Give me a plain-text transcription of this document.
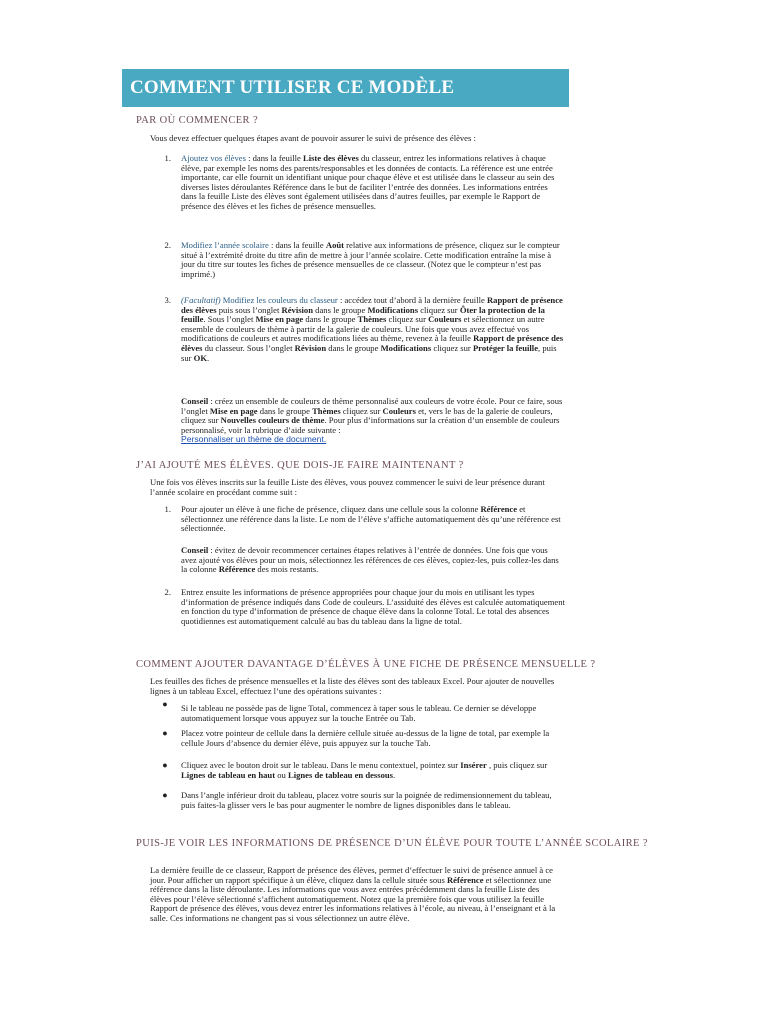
COMMENT UTILISER CE MODÈLE
PAR OÙ COMMENCER ?
Vous devez effectuer quelques étapes avant de pouvoir assurer le suivi de présence des élèves :
1. Ajoutez vos élèves : dans la feuille Liste des élèves du classeur, entrez les informations relatives à chaque élève, par exemple les noms des parents/responsables et les données de contacts. La référence est une entrée importante, car elle fournit un identifiant unique pour chaque élève et est utilisée dans le classeur au sein des diverses listes déroulantes Référence dans le but de faciliter l’entrée des données. Les informations entrées dans la feuille Liste des élèves sont également utilisées dans d’autres feuilles, par exemple le Rapport de présence des élèves et les fiches de présence mensuelles.
2. Modifiez l’année scolaire : dans la feuille Août relative aux informations de présence, cliquez sur le compteur situé à l’extrémité droite du titre afin de mettre à jour l’année scolaire. Cette modification entraîne la mise à jour du titre sur toutes les fiches de présence mensuelles de ce classeur. (Notez que le compteur n’est pas imprimé.)
3. (Facultatif) Modifiez les couleurs du classeur : accédez tout d’abord à la dernière feuille Rapport de présence des élèves puis sous l’onglet Révision dans le groupe Modifications cliquez sur Ôter la protection de la feuille. Sous l’onglet Mise en page dans le groupe Thèmes cliquez sur Couleurs et sélectionnez un autre ensemble de couleurs de thème à partir de la galerie de couleurs. Une fois que vous avez effectué vos modifications de couleurs et autres modifications liées au thème, revenez à la feuille Rapport de présence des élèves du classeur. Sous l’onglet Révision dans le groupe Modifications cliquez sur Protéger la feuille, puis sur OK.
Conseil : créez un ensemble de couleurs de thème personnalisé aux couleurs de votre école. Pour ce faire, sous l’onglet Mise en page dans le groupe Thèmes cliquez sur Couleurs et, vers le bas de la galerie de couleurs, cliquez sur Nouvelles couleurs de thème. Pour plus d’informations sur la création d’un ensemble de couleurs personnalisé, voir la rubrique d’aide suivante :
Personnaliser un thème de document.
J’AI AJOUTÉ MES ÉLÈVES. QUE DOIS-JE FAIRE MAINTENANT ?
Une fois vos élèves inscrits sur la feuille Liste des élèves, vous pouvez commencer le suivi de leur présence durant l’année scolaire en procédant comme suit :
1. Pour ajouter un élève à une fiche de présence, cliquez dans une cellule sous la colonne Référence et sélectionnez une référence dans la liste. Le nom de l’élève s’affiche automatiquement dès qu’une référence est sélectionnée.
Conseil : évitez de devoir recommencer certaines étapes relatives à l’entrée de données. Une fois que vous avez ajouté vos élèves pour un mois, sélectionnez les références de ces élèves, copiez-les, puis collez-les dans la colonne Référence des mois restants.
2. Entrez ensuite les informations de présence appropriées pour chaque jour du mois en utilisant les types d’information de présence indiqués dans Code de couleurs. L’assiduité des élèves est calculée automatiquement en fonction du type d’information de présence de chaque élève dans la colonne Total. Le total des absences quotidiennes est automatiquement calculé au bas du tableau dans la ligne de total.
COMMENT AJOUTER DAVANTAGE D’ÉLÈVES À UNE FICHE DE PRÉSENCE MENSUELLE ?
Les feuilles des fiches de présence mensuelles et la liste des élèves sont des tableaux Excel. Pour ajouter de nouvelles lignes à un tableau Excel, effectuez l’une des opérations suivantes :
● Si le tableau ne possède pas de ligne Total, commencez à taper sous le tableau. Ce dernier se développe automatiquement lorsque vous appuyez sur la touche Entrée ou Tab.
● Placez votre pointeur de cellule dans la dernière cellule située au-dessus de la ligne de total, par exemple la cellule Jours d’absence du dernier élève, puis appuyez sur la touche Tab.
● Cliquez avec le bouton droit sur le tableau. Dans le menu contextuel, pointez sur Insérer , puis cliquez sur Lignes de tableau en haut ou Lignes de tableau en dessous.
● Dans l’angle inférieur droit du tableau, placez votre souris sur la poignée de redimensionnement du tableau, puis faites-la glisser vers le bas pour augmenter le nombre de lignes disponibles dans le tableau.
PUIS-JE VOIR LES INFORMATIONS DE PRÉSENCE D’UN ÉLÈVE POUR TOUTE L’ANNÉE SCOLAIRE ?
La dernière feuille de ce classeur, Rapport de présence des élèves, permet d’effectuer le suivi de présence annuel à ce jour. Pour afficher un rapport spécifique à un élève, cliquez dans la cellule située sous Référence et sélectionnez une référence dans la liste déroulante. Les informations que vous avez entrées précédemment dans la feuille Liste des élèves pour l’élève sélectionné s’affichent automatiquement. Notez que la première fois que vous utilisez la feuille Rapport de présence des élèves, vous devez entrer les informations relatives à l’école, au niveau, à l’enseignant et à la salle. Ces informations ne changent pas si vous sélectionnez un autre élève.
